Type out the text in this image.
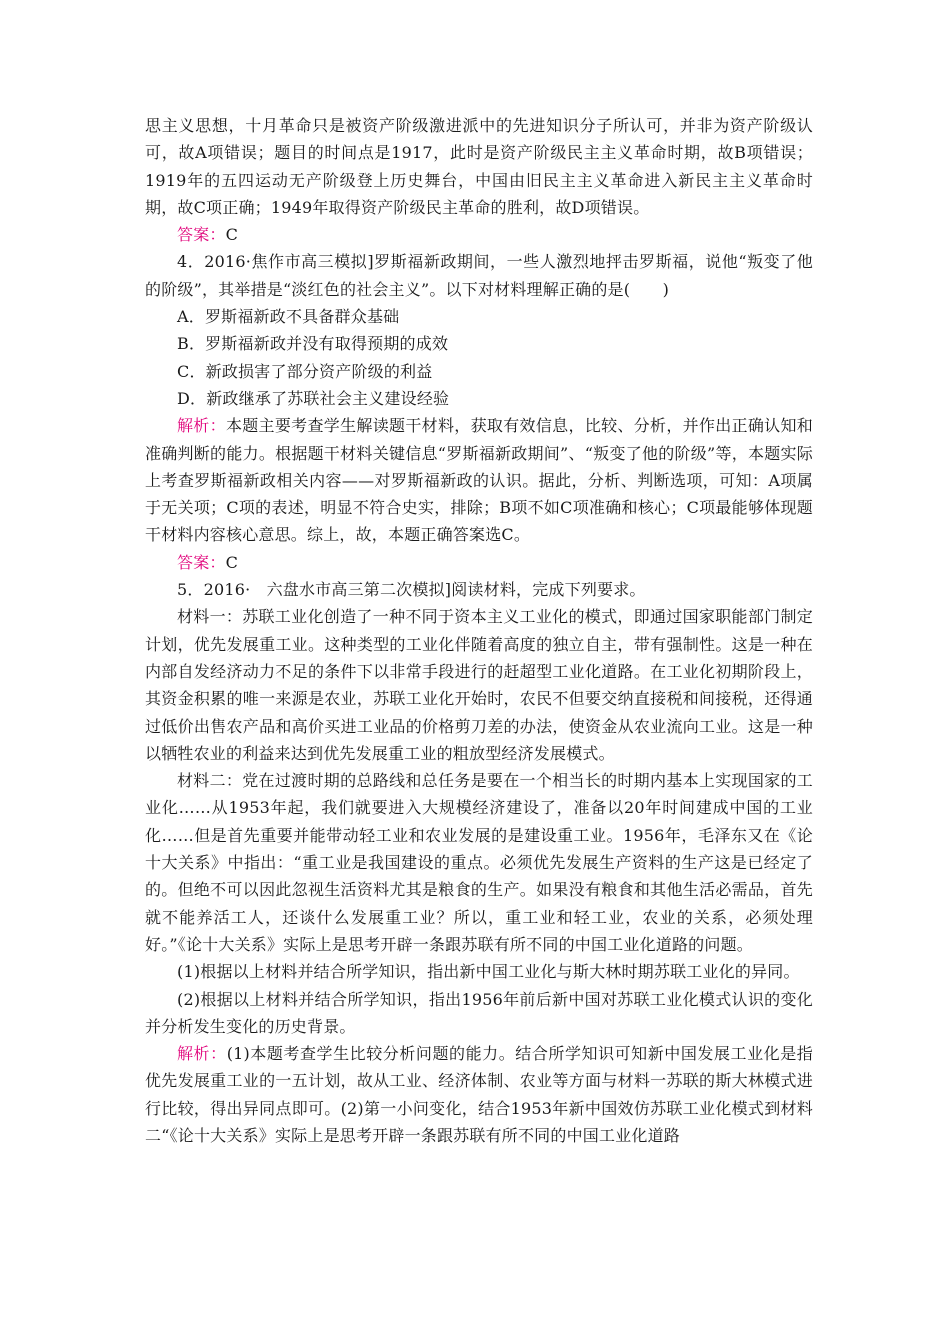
思主义思想，十月革命只是被资产阶级激进派中的先进知识分子所认可，并非为资产阶级认可，故A项错误；题目的时间点是1917，此时是资产阶级民主主义革命时期，故B项错误；1919年的五四运动无产阶级登上历史舞台，中国由旧民主主义革命进入新民主主义革命时期，故C项正确；1949年取得资产阶级民主革命的胜利，故D项错误。

答案：C

4．2016·焦作市高三模拟]罗斯福新政期间，一些人激烈地抨击罗斯福，说他“叛变了他的阶级”，其举措是“淡红色的社会主义”。以下对材料理解正确的是(　　)

A．罗斯福新政不具备群众基础

B．罗斯福新政并没有取得预期的成效

C．新政损害了部分资产阶级的利益

D．新政继承了苏联社会主义建设经验

解析：本题主要考查学生解读题干材料，获取有效信息，比较、分析，并作出正确认知和准确判断的能力。根据题干材料关键信息“罗斯福新政期间”、“叛变了他的阶级”等，本题实际上考查罗斯福新政相关内容——对罗斯福新政的认识。据此，分析、判断选项，可知：A项属于无关项；C项的表述，明显不符合史实，排除；B项不如C项准确和核心；C项最能够体现题干材料内容核心意思。综上，故，本题正确答案选C。

答案：C

5．2016·　六盘水市高三第二次模拟]阅读材料，完成下列要求。

材料一：苏联工业化创造了一种不同于资本主义工业化的模式，即通过国家职能部门制定计划，优先发展重工业。这种类型的工业化伴随着高度的独立自主，带有强制性。这是一种在内部自发经济动力不足的条件下以非常手段进行的赶超型工业化道路。在工业化初期阶段上，其资金积累的唯一来源是农业，苏联工业化开始时，农民不但要交纳直接税和间接税，还得通过低价出售农产品和高价买进工业品的价格剪刀差的办法，使资金从农业流向工业。这是一种以牺牲农业的利益来达到优先发展重工业的粗放型经济发展模式。

材料二：党在过渡时期的总路线和总任务是要在一个相当长的时期内基本上实现国家的工业化……从1953年起，我们就要进入大规模经济建设了，准备以20年时间建成中国的工业化……但是首先重要并能带动轻工业和农业发展的是建设重工业。1956年，毛泽东又在《论十大关系》中指出：“重工业是我国建设的重点。必须优先发展生产资料的生产这是已经定了的。但绝不可以因此忽视生活资料尤其是粮食的生产。如果没有粮食和其他生活必需品，首先就不能养活工人，还谈什么发展重工业？所以，重工业和轻工业，农业的关系，必须处理好。”《论十大关系》实际上是思考开辟一条跟苏联有所不同的中国工业化道路的问题。

(1)根据以上材料并结合所学知识，指出新中国工业化与斯大林时期苏联工业化的异同。

(2)根据以上材料并结合所学知识，指出1956年前后新中国对苏联工业化模式认识的变化并分析发生变化的历史背景。

解析：(1)本题考查学生比较分析问题的能力。结合所学知识可知新中国发展工业化是指优先发展重工业的一五计划，故从工业、经济体制、农业等方面与材料一苏联的斯大林模式进行比较，得出异同点即可。(2)第一小问变化，结合1953年新中国效仿苏联工业化模式到材料二“《论十大关系》实际上是思考开辟一条跟苏联有所不同的中国工业化道路
